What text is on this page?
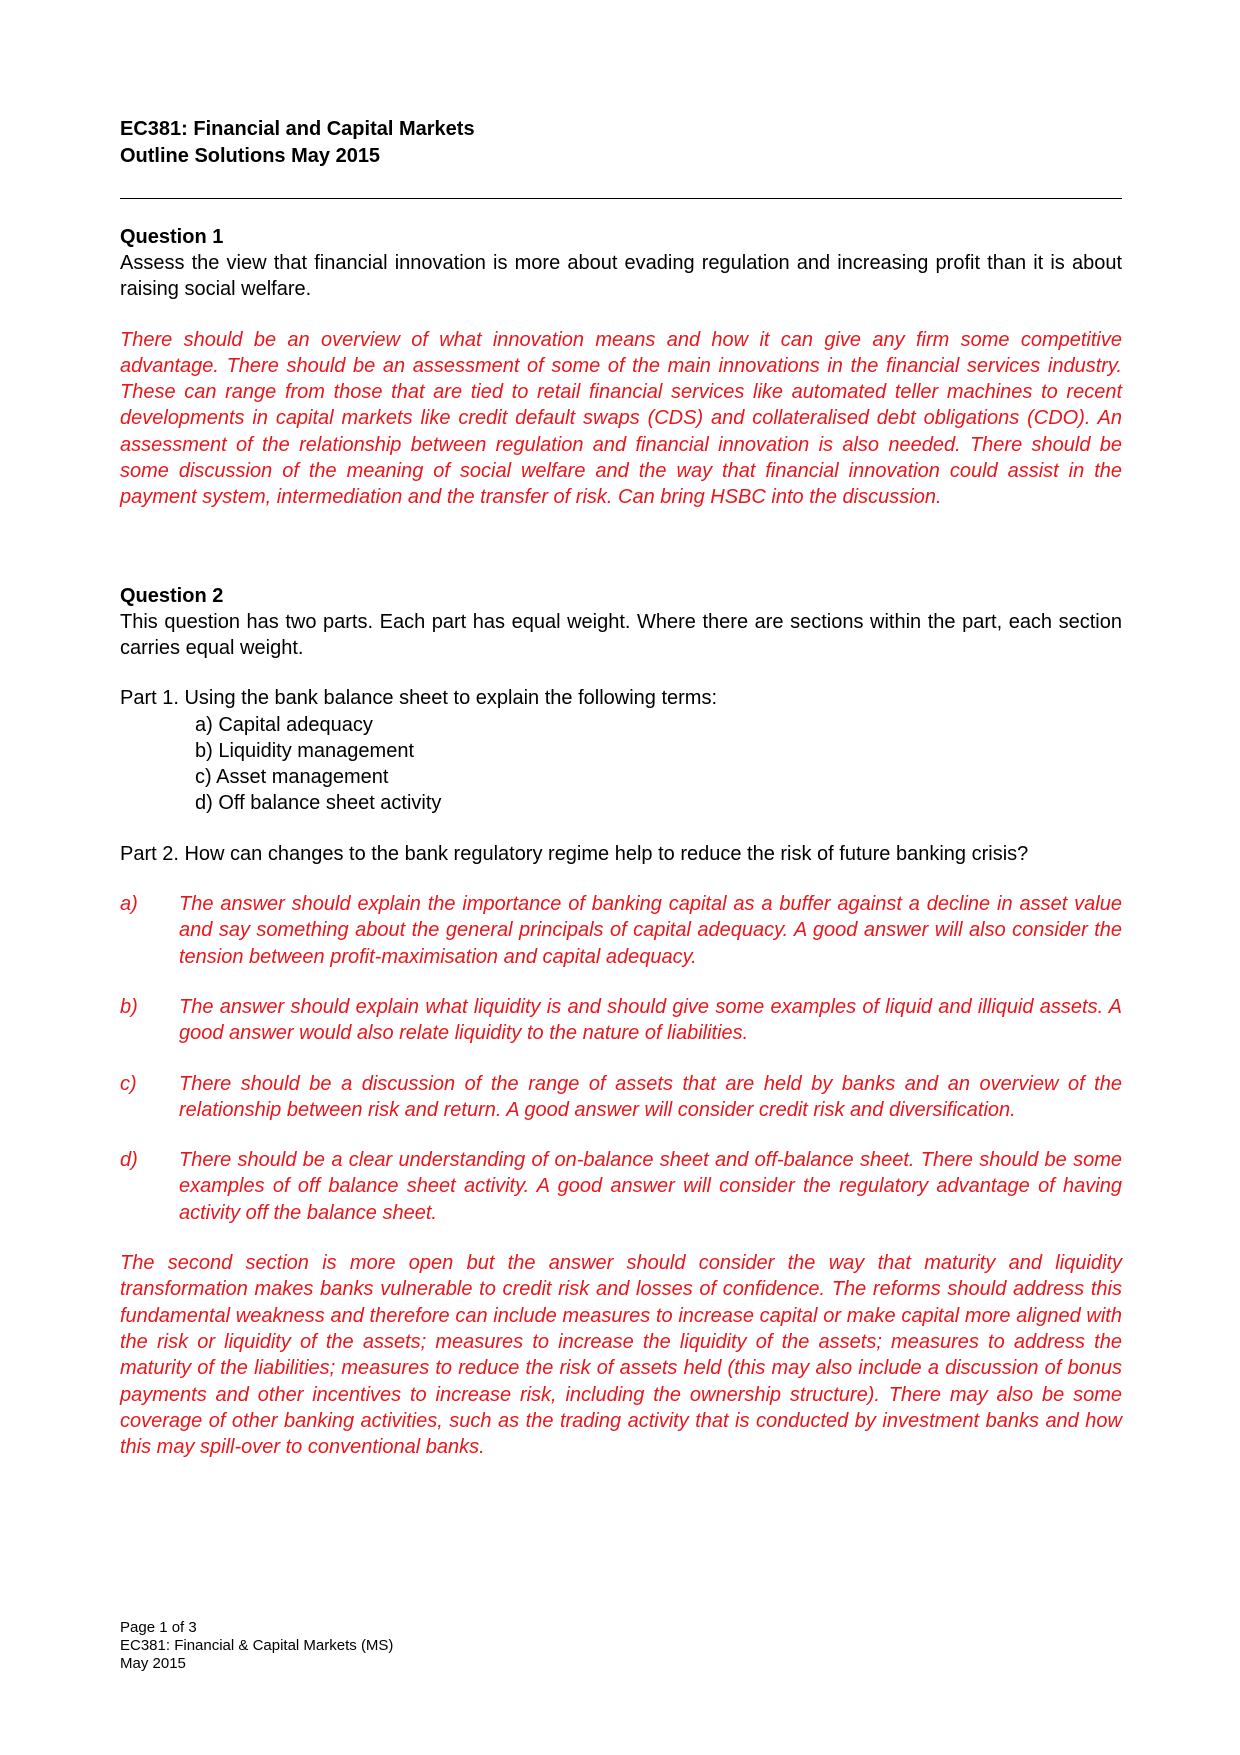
EC381: Financial and Capital Markets

Outline Solutions May 2015

Question 1

Assess the view that financial innovation is more about evading regulation and increasing profit than it is about raising social welfare.

There should be an overview of what innovation means and how it can give any firm some competitive advantage. There should be an assessment of some of the main innovations in the financial services industry. These can range from those that are tied to retail financial services like automated teller machines to recent developments in capital markets like credit default swaps (CDS) and collateralised debt obligations (CDO). An assessment of the relationship between regulation and financial innovation is also needed. There should be some discussion of the meaning of social welfare and the way that financial innovation could assist in the payment system, intermediation and the transfer of risk. Can bring HSBC into the discussion.

Question 2

This question has two parts. Each part has equal weight. Where there are sections within the part, each section carries equal weight.

Part 1. Using the bank balance sheet to explain the following terms:

a) Capital adequacy
b) Liquidity management
c) Asset management
d) Off balance sheet activity

Part 2. How can changes to the bank regulatory regime help to reduce the risk of future banking crisis?

a)	The answer should explain the importance of banking capital as a buffer against a decline in asset value and say something about the general principals of capital adequacy. A good answer will also consider the tension between profit-maximisation and capital adequacy.

b)	The answer should explain what liquidity is and should give some examples of liquid and illiquid assets. A good answer would also relate liquidity to the nature of liabilities.

c)	There should be a discussion of the range of assets that are held by banks and an overview of the relationship between risk and return. A good answer will consider credit risk and diversification.

d)	There should be a clear understanding of on-balance sheet and off-balance sheet. There should be some examples of off balance sheet activity. A good answer will consider the regulatory advantage of having activity off the balance sheet.

The second section is more open but the answer should consider the way that maturity and liquidity transformation makes banks vulnerable to credit risk and losses of confidence. The reforms should address this fundamental weakness and therefore can include measures to increase capital or make capital more aligned with the risk or liquidity of the assets; measures to increase the liquidity of the assets; measures to address the maturity of the liabilities; measures to reduce the risk of assets held (this may also include a discussion of bonus payments and other incentives to increase risk, including the ownership structure). There may also be some coverage of other banking activities, such as the trading activity that is conducted by investment banks and how this may spill-over to conventional banks.

Page 1 of 3
EC381: Financial & Capital Markets (MS)
May 2015
